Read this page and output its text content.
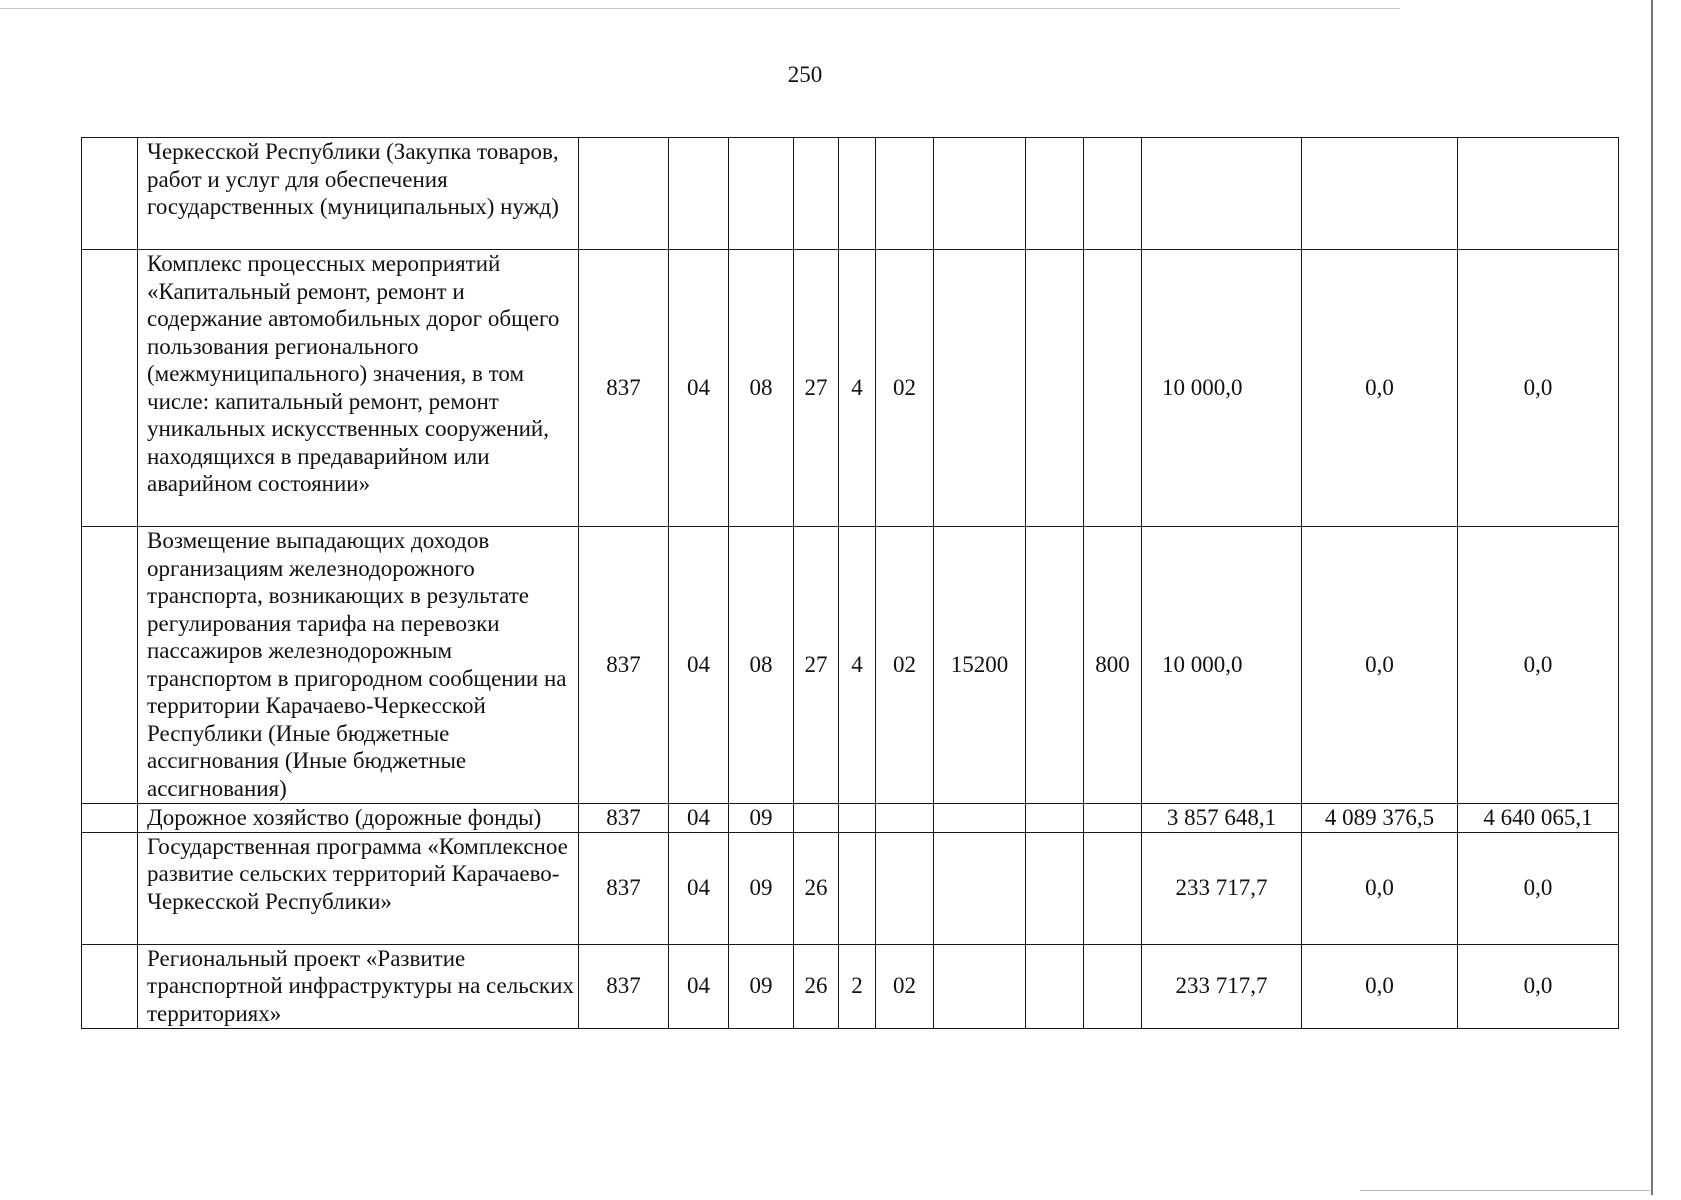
250
	Черкесской Республики (Закупка товаров, работ и услуг для обеспечения государственных (муниципальных) нужд)												
	Комплекс процессных мероприятий «Капитальный ремонт, ремонт и содержание автомобильных дорог общего пользования регионального (межмуниципального) значения, в том числе: капитальный ремонт, ремонт уникальных искусственных сооружений, находящихся в предаварийном или аварийном состоянии»	837	04	08	27	4	02				10 000,0	0,0	0,0
	Возмещение выпадающих доходов организациям железнодорожного транспорта, возникающих в результате регулирования тарифа на перевозки пассажиров железнодорожным транспортом в пригородном сообщении на территории Карачаево-Черкесской Республики (Иные бюджетные ассигнования (Иные бюджетные ассигнования)	837	04	08	27	4	02	15200		800	10 000,0	0,0	0,0
	Дорожное хозяйство (дорожные фонды)	837	04	09							3 857 648,1	4 089 376,5	4 640 065,1
	Государственная программа «Комплексное развитие сельских территорий Карачаево-Черкесской Республики»	837	04	09	26						233 717,7	0,0	0,0
	Региональный проект «Развитие транспортной инфраструктуры на сельских территориях»	837	04	09	26	2	02				233 717,7	0,0	0,0
